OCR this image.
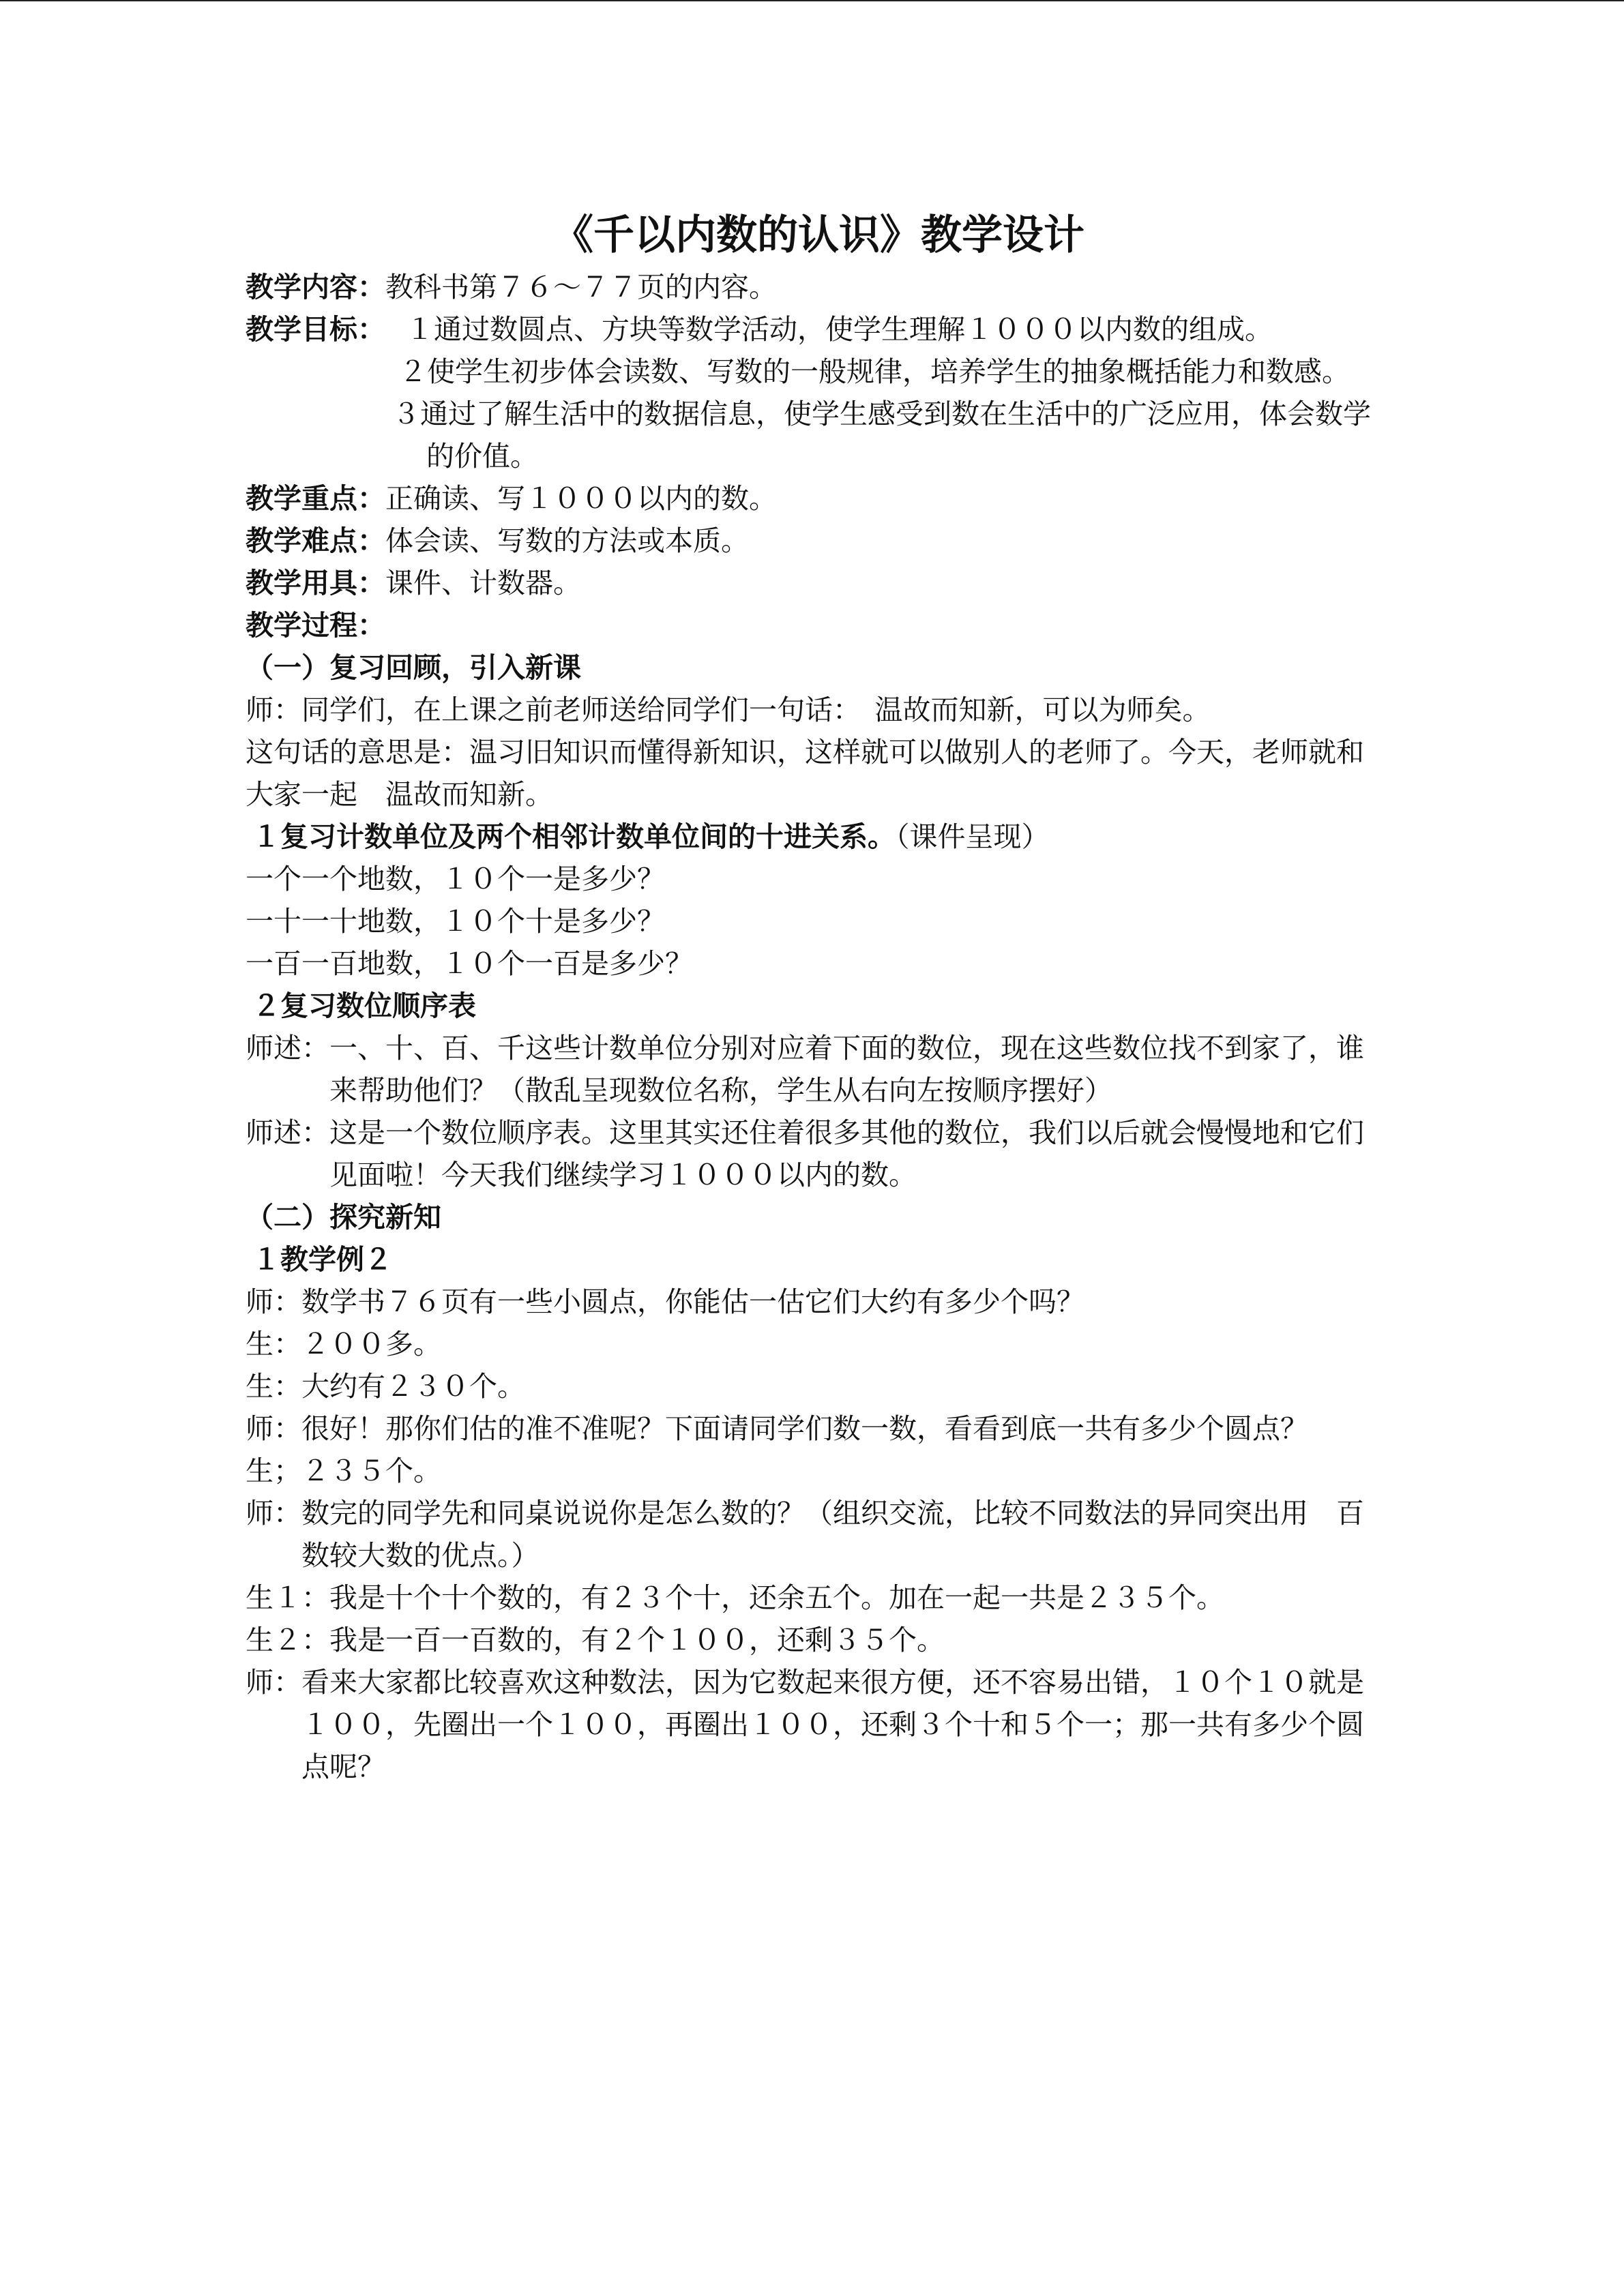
《千以内数的认识》教学设计
教学内容： 教科书第７６～７７页的内容。
教学目标： １通过数圆点、方块等数学活动，使学生理解１０００以内数的组成。

２使学生初步体会读数、写数的一般规律，培养学生的抽象概括能力和数感。

３通过了解生活中的数据信息，使学生感受到数在生活中的广泛应用，体会数学的价值。

教学重点： 正确读、写１０００以内的数。
教学难点： 体会读、写数的方法或本质。
教学用具： 课件、计数器。

教学过程：

（一）复习回顾，引入新课

师：同学们，在上课之前老师送给同学们一句话：　温故而知新，可以为师矣。

这句话的意思是：温习旧知识而懂得新知识，这样就可以做别人的老师了。今天，老师就和大家一起　温故而知新。

１复习计数单位及两个相邻计数单位间的十进关系。（课件呈现）

一个一个地数，１０个一是多少？

一十一十地数，１０个十是多少？

一百一百地数，１０个一百是多少？

２复习数位顺序表

师述： 一、十、百、千这些计数单位分别对应着下面的数位，现在这些数位找不到家了，谁来帮助他们？（散乱呈现数位名称，学生从右向左按顺序摆好）
师述： 这是一个数位顺序表。这里其实还住着很多其他的数位，我们以后就会慢慢地和它们见面啦！今天我们继续学习１０００以内的数。

（二）探究新知

１教学例２

师： 数学书７６页有一些小圆点，你能估一估它们大约有多少个吗？
生： ２００多。
生： 大约有２３０个。
师： 很好！那你们估的准不准呢？下面请同学们数一数，看看到底一共有多少个圆点？
生； ２３５个。
师： 数完的同学先和同桌说说你是怎么数的？（组织交流，比较不同数法的异同突出用　百　数较大数的优点。）

生１：我是十个十个数的，有２３个十，还余五个。加在一起一共是２３５个。

生２：我是一百一百数的，有２个１００，还剩３５个。

师： 看来大家都比较喜欢这种数法，因为它数起来很方便，还不容易出错，１０个１０就是１００，先圈出一个１００，再圈出１００，还剩３个十和５个一；那一共有多少个圆点呢？
